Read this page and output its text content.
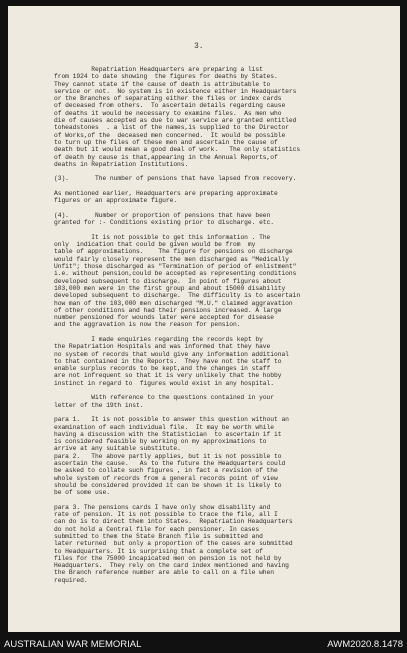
3.
Repatriation Headquarters are preparing a list
from 1924 to date showing  the figures for deaths by States.
They cannot state if the cause of death is attributable to
service or not.  No system is in existence either in Headquarters
or the Branches of separating either the files or index cards
of deceased from others.  To ascertain details regarding cause
of deaths it would be necessary to examine files.  As men who
die of causes accepted as due to war service are granted entitled
toheadstones  . a list of the names,is supplied to the Director
of Works,of the  deceased men concerned.  It would be possible
to turn up the files of these men and ascertain the cause of
death but it would mean a good deal of work.   The only statistics
of death by cause is that,appearing in the Annual Reports,of
deaths in Repatriation Institutions.

(3).       The number of pensions that have lapsed from recovery.

As mentioned earlier, Headquarters are preparing approximate
figures or an approximate figure.

(4).       Number or proportion of pensions that have been
granted for :- Conditions existing prior to discharge. etc.

It is not possible to get this information . The
only  indication that could be given would be from  my
table of approximations.    The figure for pensions on discharge
would fairly closely represent the men discharged as "Medically
Unfit"; those discharged as "Termination of period of enlistment"
i.e. without pension,could be accepted as representing conditions
developed subsequent to discharge.  In point of figures about
103,000 men were in the first group and about 15000 disability
developed subsequent to discharge.  The difficulty is to ascertain
how man of the 103,000 men discharged "M.U." claimed aggravation
of other conditions and had their pensions increased. A large
number pensioned for wounds later were accepted for disease
and the aggravation is now the reason for pension.

I made enquiries regarding the records kept by
the Repatriation Hospitals and was informed that they have
no system of records that would give any information additional
to that contained in the Reports.  They have not the staff to
enable surplus records to be kept,and the changes in staff
are not infrequent so that it is very unlikely that the hobby
instinct in regard to  figures would exist in any hospital.

With reference to the questions contained in your
letter of the 19th inst.

para 1.   It is not possible to answer this question without an
examination of each individual file.  It may be worth while
having a discussion with the Statistician  to ascertain if it
is considered feasible by working on my approximations to
arrive at any suitable substitute.
para 2.   The above partly applies, but it is not possible to
ascertain the cause.   As to the future the Headquarters could
be asked to collate such figures , in fact a revision of the
whole system of records from a general records point of view
should be considered provided it can be shown it is likely to
be of some use.

para 3. The pensions cards I have only show disability and
rate of pension. It is not possible to trace the file, all I
can do is to direct them into States.  Repatriation Headquarters
do not hold a Central file for each pensioner. In cases
submitted to them the State Branch file is submitted and
later returned  but only a proportion of the cases are submitted
to Headquarters. It is surprising that a complete set of
files for the 75000 incapicated men on pension is not held by
Headquarters.  They rely on the card index mentioned and having
the Branch reference number are able to call on a file when
required.
AUSTRALIAN WAR MEMORIAL	AWM2020.8.1478
